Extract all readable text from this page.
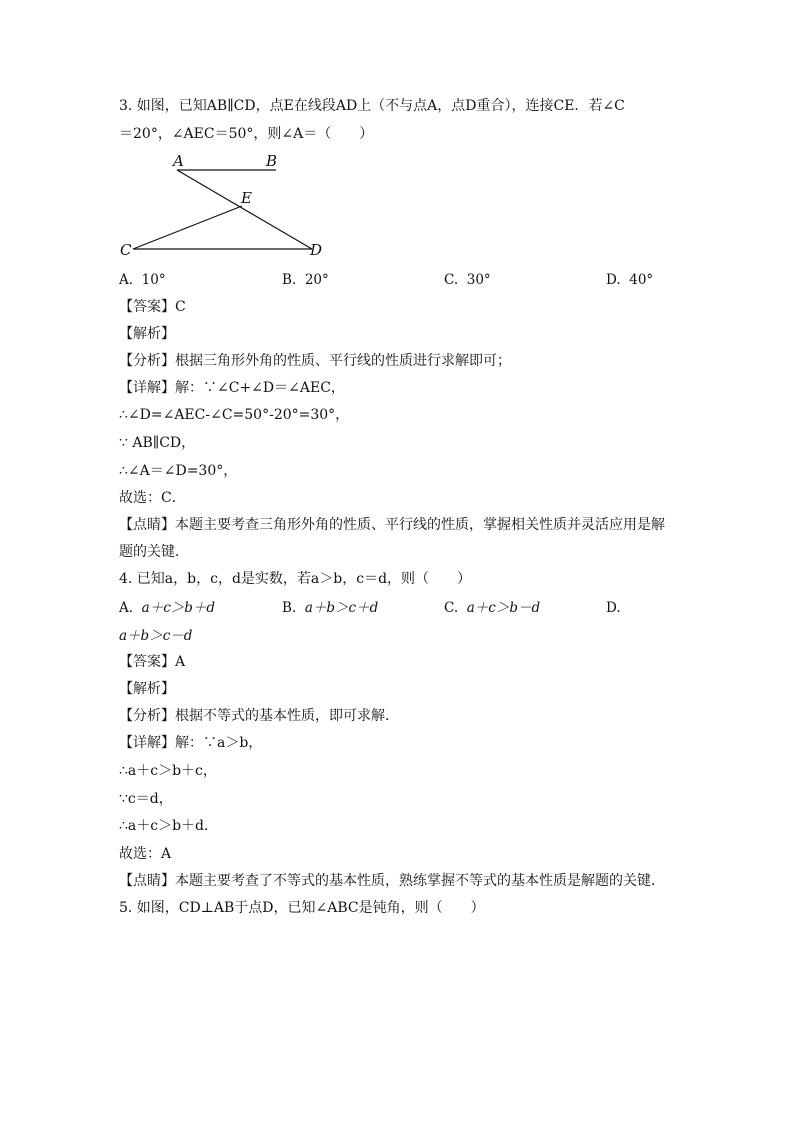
3. 如图，已知AB∥CD，点E在线段AD上（不与点A，点D重合），连接CE．若∠C
＝20°，∠AEC＝50°，则∠A＝（　　）
A	B
E
C	D
A. 10°	B. 20°	C. 30°	D. 40°
【答案】C
【解析】
【分析】根据三角形外角的性质、平行线的性质进行求解即可；
【详解】解：∵∠C+∠D＝∠AEC，
∴∠D=∠AEC-∠C=50°-20°=30°，
∵ AB∥CD，
∴∠A＝∠D=30°，
故选：C．
【点睛】本题主要考查三角形外角的性质、平行线的性质，掌握相关性质并灵活应用是解
题的关键．
4. 已知a，b，c，d是实数，若a＞b，c＝d，则（　　）
A. a＋c＞b＋d	B. a＋b＞c＋d	C. a＋c＞b－d	D.
a＋b＞c－d
【答案】A
【解析】
【分析】根据不等式的基本性质，即可求解．
【详解】解：∵a＞b，
∴a＋c＞b＋c，
∵c＝d，
∴a＋c＞b＋d．
故选：A
【点睛】本题主要考查了不等式的基本性质，熟练掌握不等式的基本性质是解题的关键．
5. 如图，CD⊥AB于点D，已知∠ABC是钝角，则（　　）
